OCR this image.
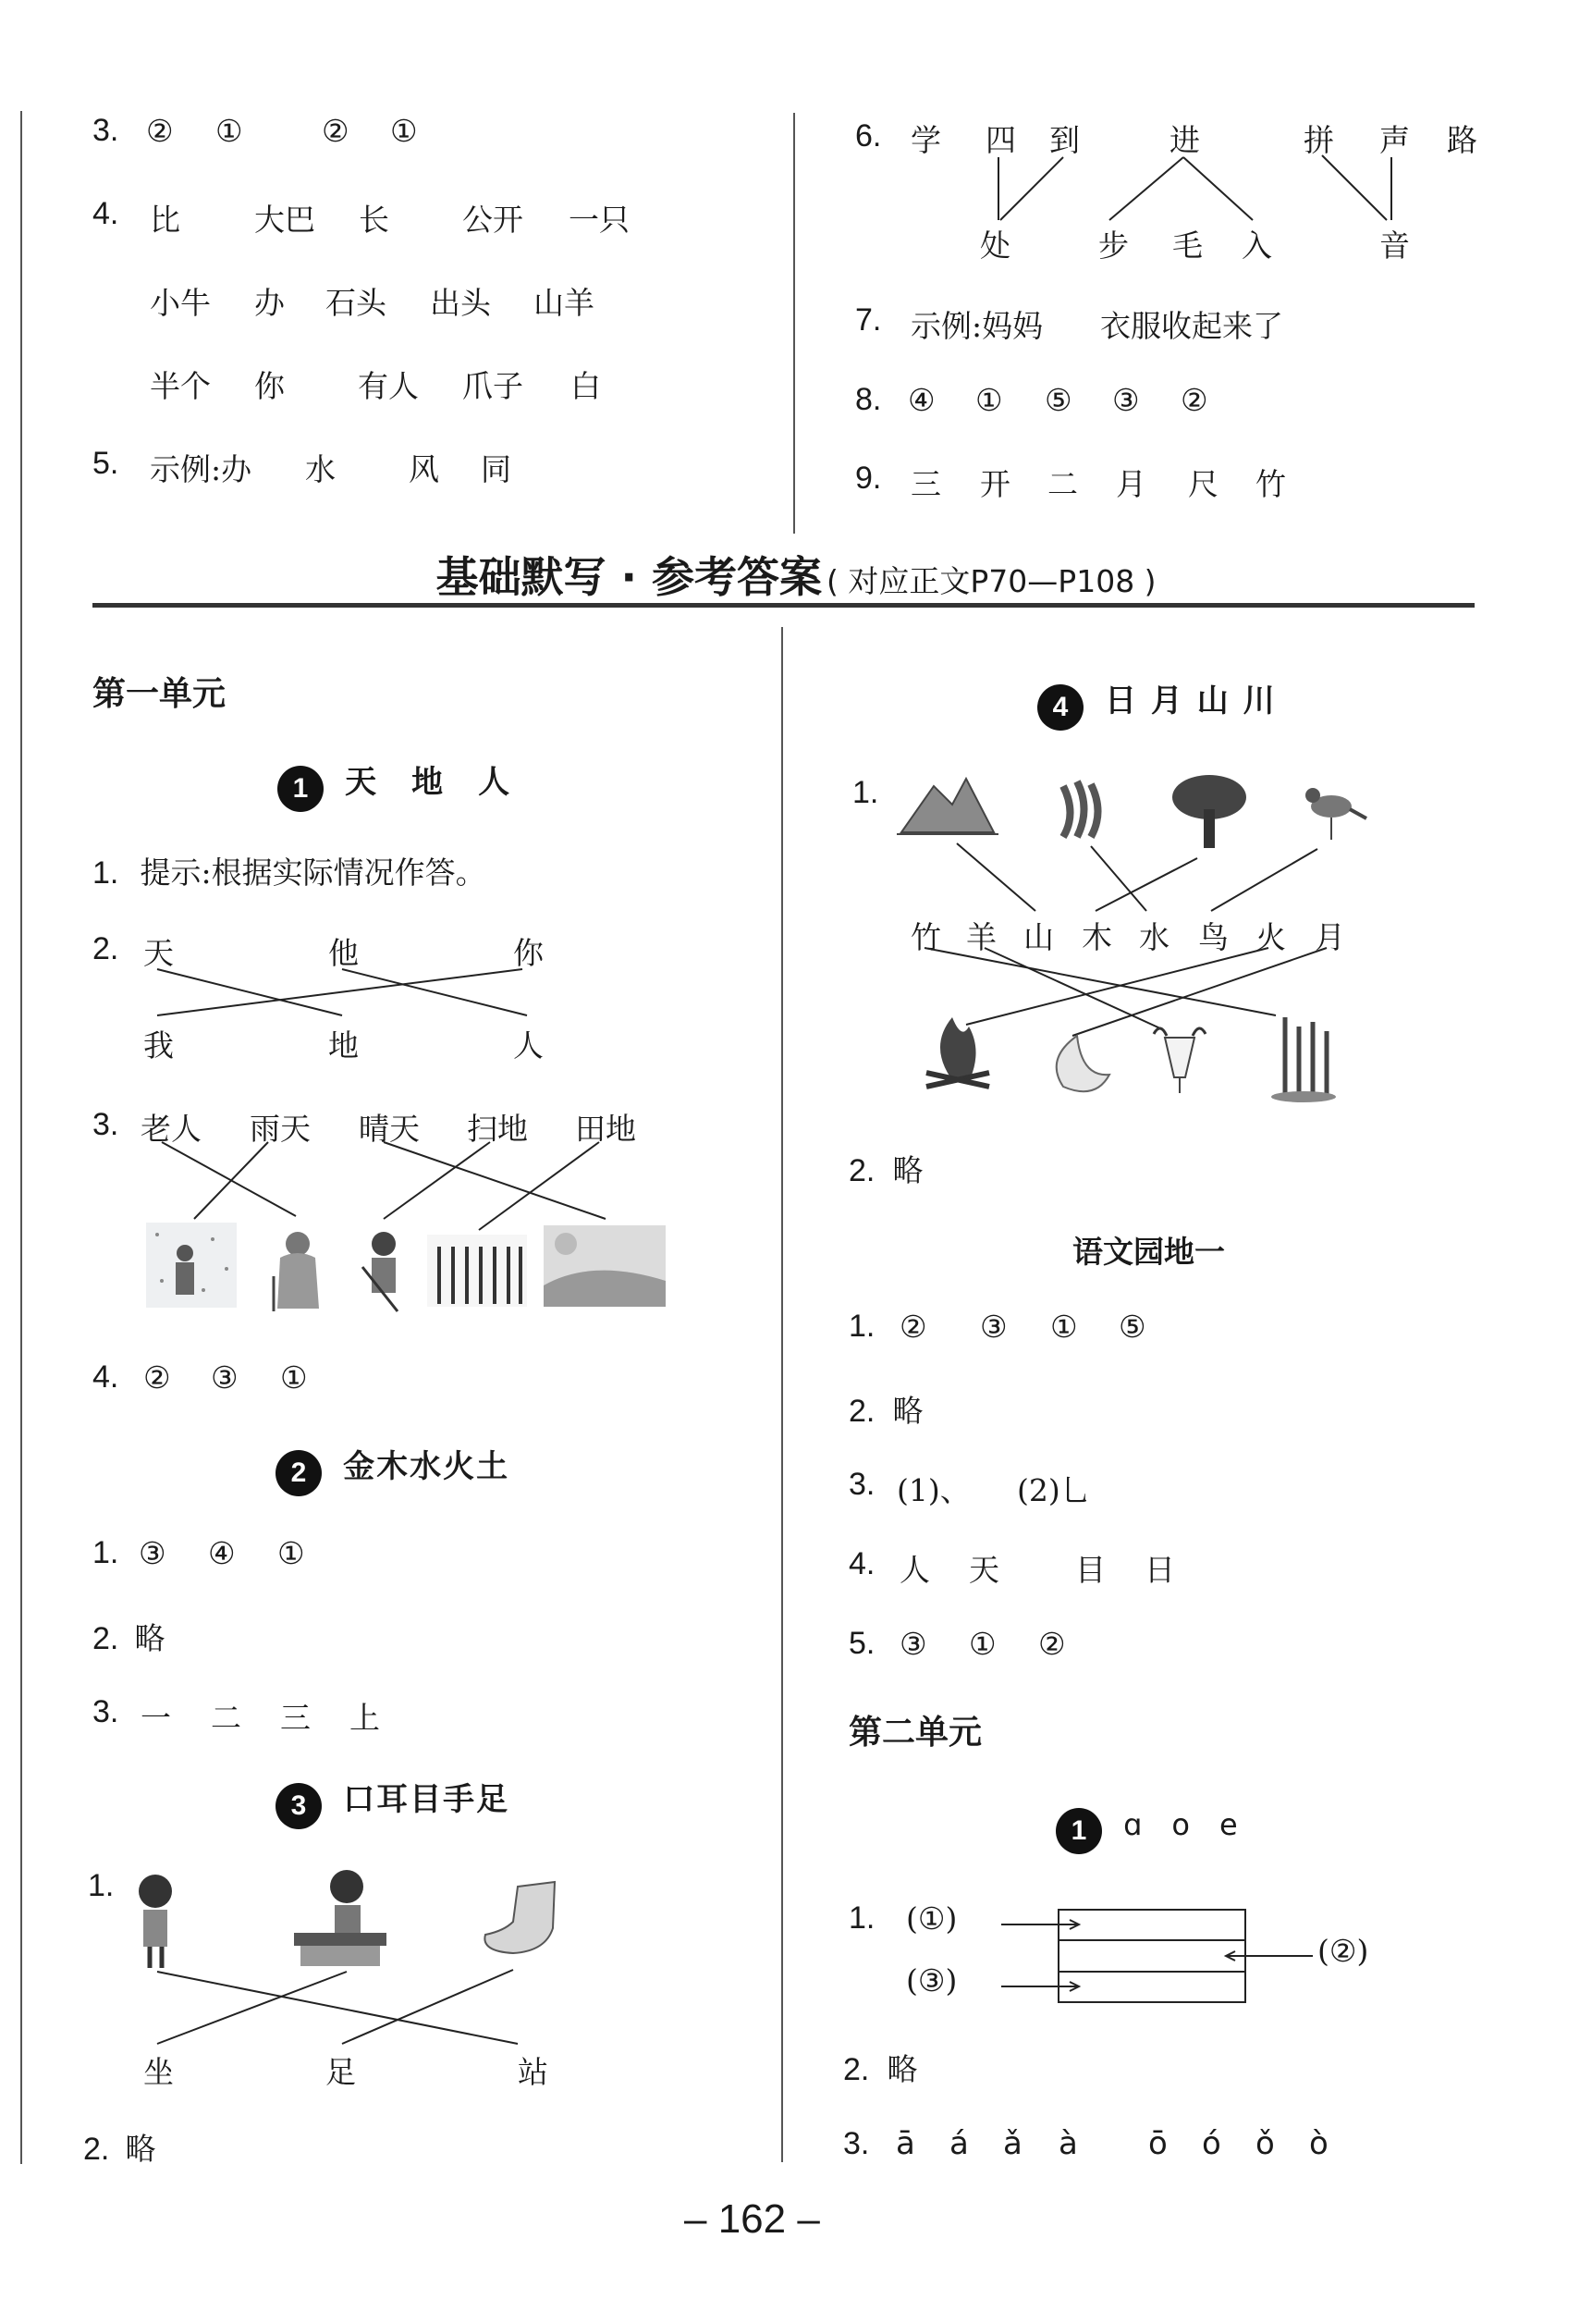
3. ② ①	② ①
4. 比 大巴 长 公开 一只
小牛 办 石头 出头 山羊
半个 你 有人 爪子 白
5. 示例:办 水 风 同
6. 学 四 到	进	拼 声 路
处	步 毛 入	音
7. 示例:妈妈 衣服收起来了
8. ④ ① ⑤ ③ ②
9. 三 开 二 月 尺 竹
基础默写 · 参考答案 ( 对应正文P70—P108 )
第一单元
1 天　地　人
1. 提示:根据实际情况作答。
2. 天	他	你
我	地	人
3. 老人 雨天 晴天 扫地 田地
4. ② ③ ①
2 金木水火土
1. ③ ④ ①
2. 略
3. 一 二 三 上
3 口耳目手足
1.
坐	足	站
2. 略
4 日 月 山 川
1.
竹 羊 山 木 水 鸟 火 月
2. 略
语文园地一
1. ② ③ ① ⑤
2. 略
3. (1)、 (2)乚
4. 人 天 目 日
5. ③ ① ②
第二单元
1 ɑ　o　e
1. (①)
(③)
(②)
2. 略
3. ā á ǎ à ō ó ǒ ò
– 162 –
